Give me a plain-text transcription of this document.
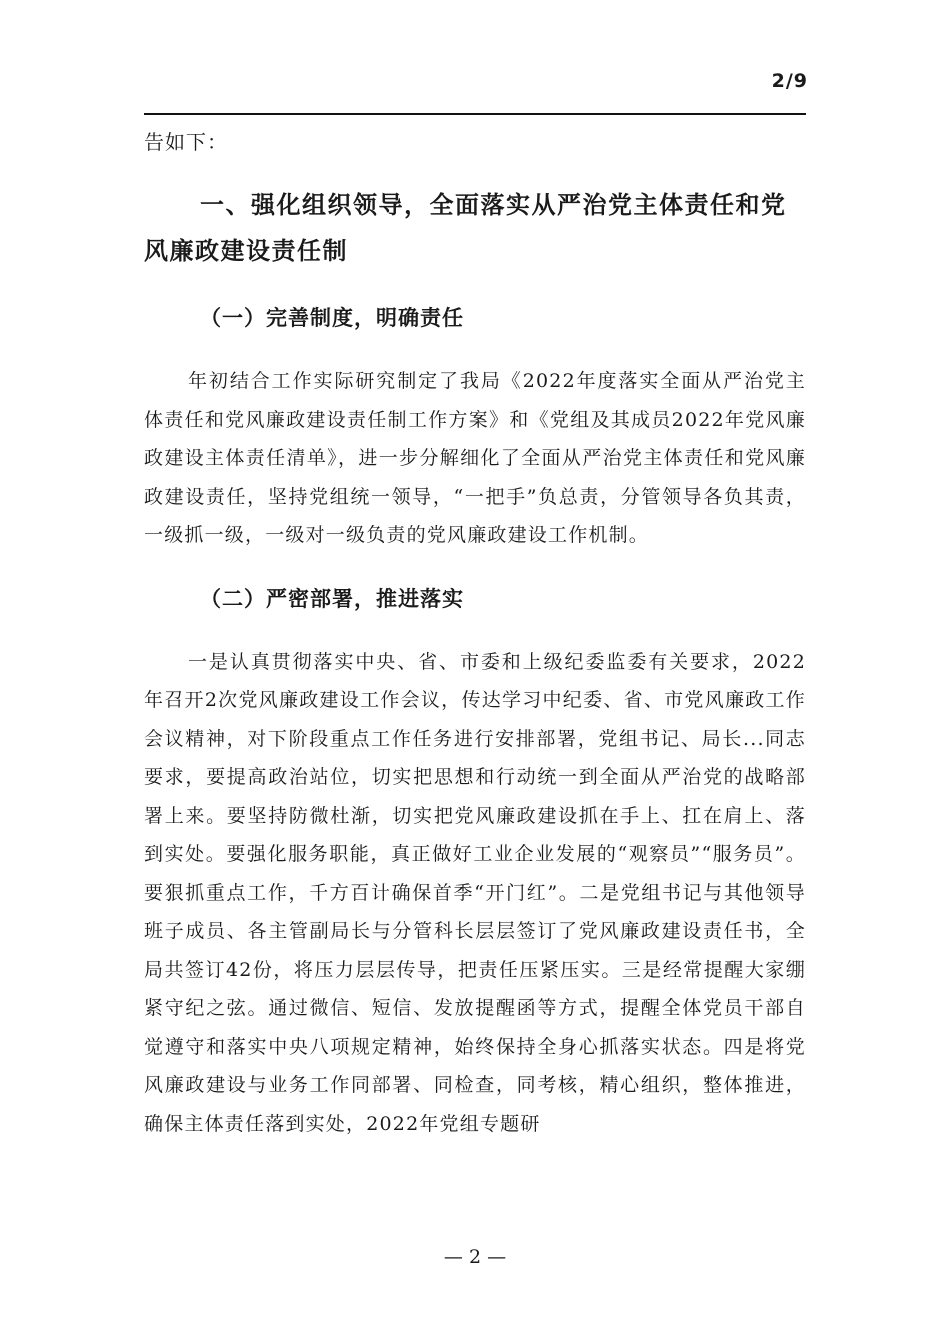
2/9

告如下：

一、强化组织领导，全面落实从严治党主体责任和党风廉政建设责任制
（一）完善制度，明确责任

年初结合工作实际研究制定了我局《2022年度落实全面从严治党主体责任和党风廉政建设责任制工作方案》和《党组及其成员2022年党风廉政建设主体责任清单》，进一步分解细化了全面从严治党主体责任和党风廉政建设责任，坚持党组统一领导，“一把手”负总责，分管领导各负其责，一级抓一级，一级对一级负责的党风廉政建设工作机制。

（二）严密部署，推进落实

一是认真贯彻落实中央、省、市委和上级纪委监委有关要求，2022年召开2次党风廉政建设工作会议，传达学习中纪委、省、市党风廉政工作会议精神，对下阶段重点工作任务进行安排部署，党组书记、局长...同志要求，要提高政治站位，切实把思想和行动统一到全面从严治党的战略部署上来。要坚持防微杜渐，切实把党风廉政建设抓在手上、扛在肩上、落到实处。要强化服务职能，真正做好工业企业发展的“观察员”“服务员”。要狠抓重点工作，千方百计确保首季“开门红”。二是党组书记与其他领导班子成员、各主管副局长与分管科长层层签订了党风廉政建设责任书，全局共签订42份，将压力层层传导，把责任压紧压实。三是经常提醒大家绷紧守纪之弦。通过微信、短信、发放提醒函等方式，提醒全体党员干部自觉遵守和落实中央八项规定精神，始终保持全身心抓落实状态。四是将党风廉政建设与业务工作同部署、同检查，同考核，精心组织，整体推进，确保主体责任落到实处，2022年党组专题研

— 2 —
